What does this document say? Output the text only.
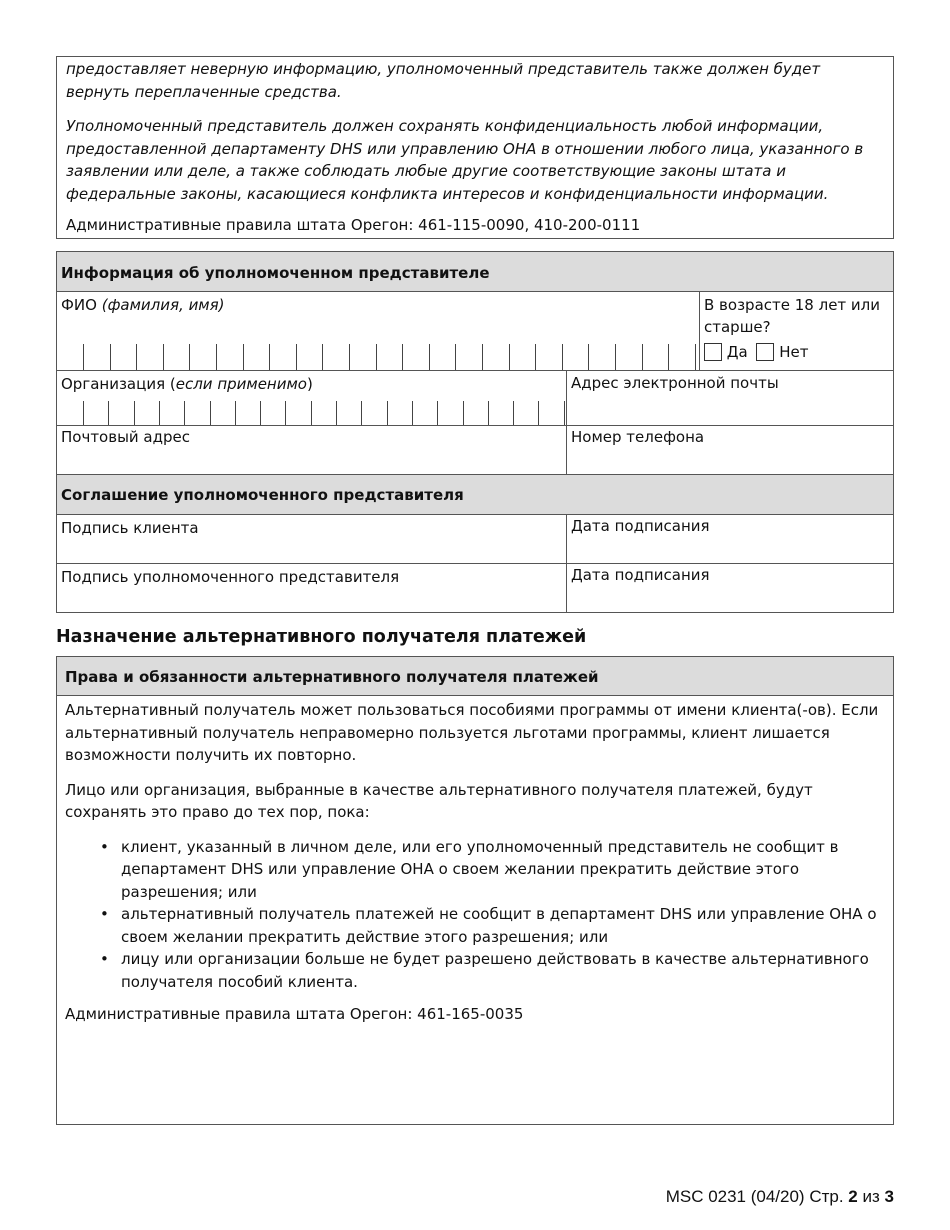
предоставляет неверную информацию, уполномоченный представитель также должен будет вернуть переплаченные средства.

Уполномоченный представитель должен сохранять конфиденциальность любой информации, предоставленной департаменту DHS или управлению OHA в отношении любого лица, указанного в заявлении или деле, а также соблюдать любые другие соответствующие законы штата и федеральные законы, касающиеся конфликта интересов и конфиденциальности информации.

Административные правила штата Орегон: 461-115-0090, 410-200-0111

Информация об уполномоченном представителе
ФИО (фамилия, имя)	В возрасте 18 лет или старше?
Да Нет
Организация (если применимо)	Адрес электронной почты
Почтовый адрес	Номер телефона
Соглашение уполномоченного представителя
Подпись клиента	Дата подписания
Подпись уполномоченного представителя	Дата подписания
Назначение альтернативного получателя платежей
Права и обязанности альтернативного получателя платежей

Альтернативный получатель может пользоваться пособиями программы от имени клиента(-ов). Если альтернативный получатель неправомерно пользуется льготами программы, клиент лишается возможности получить их повторно.

Лицо или организация, выбранные в качестве альтернативного получателя платежей, будут сохранять это право до тех пор, пока:

• клиент, указанный в личном деле, или его уполномоченный представитель не сообщит в департамент DHS или управление OHA о своем желании прекратить действие этого разрешения; или
• альтернативный получатель платежей не сообщит в департамент DHS или управление OHA о своем желании прекратить действие этого разрешения; или
• лицу или организации больше не будет разрешено действовать в качестве альтернативного получателя пособий клиента.

Административные правила штата Орегон: 461-165-0035

MSC 0231 (04/20) Стр. 2 из 3
